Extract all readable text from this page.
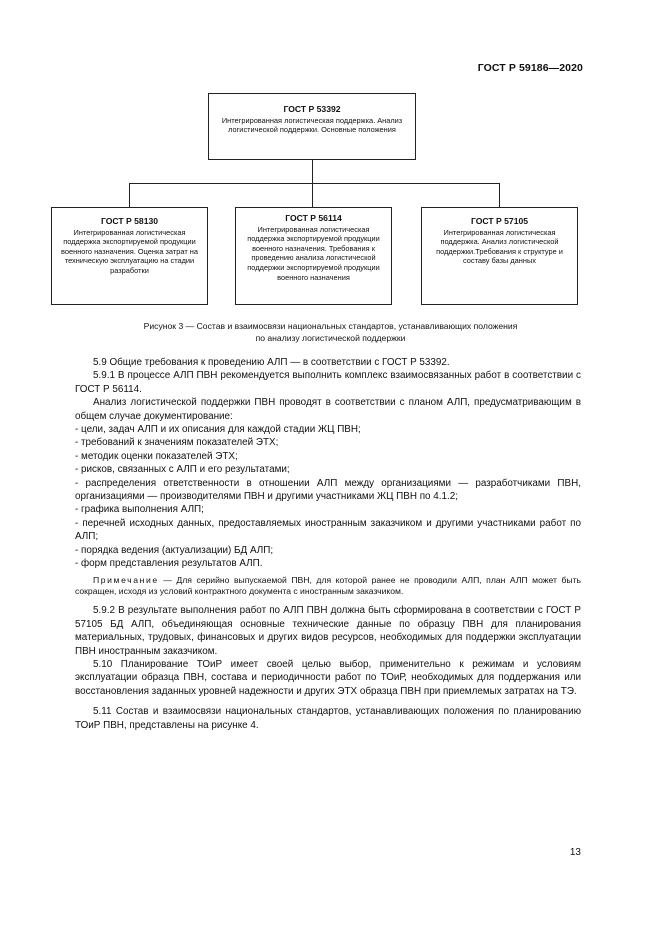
ГОСТ Р 59186—2020
ГОСТ Р 53392
Интегрированная логистическая поддержка. Анализ логистической поддержки. Основные положения
ГОСТ Р 58130
Интегрированная логистическая поддержка экспортируемой продукции военного назначения. Оценка затрат на техническую эксплуатацию на стадии разработки
ГОСТ Р 56114
Интегрированная логистическая поддержка экспортируемой продукции военного назначения. Требования к проведению анализа логистической поддержки экспортируемой продукции военного назначения
ГОСТ Р 57105
Интегрированная логистическая поддержка. Анализ логистической поддержки.Требования к структуре и составу базы данных
Рисунок 3 — Состав и взаимосвязи национальных стандартов, устанавливающих положения
по анализу логистической поддержки

5.9 Общие требования к проведению АЛП — в соответствии с ГОСТ Р 53392.

5.9.1 В процессе АЛП ПВН рекомендуется выполнить комплекс взаимосвязанных работ в соответствии с ГОСТ Р 56114.

Анализ логистической поддержки ПВН проводят в соответствии с планом АЛП, предусматривающим в общем случае документирование:

- цели, задач АЛП и их описания для каждой стадии ЖЦ ПВН;

- требований к значениям показателей ЭТХ;

- методик оценки показателей ЭТХ;

- рисков, связанных с АЛП и его результатами;

- распределения ответственности в отношении АЛП между организациями — разработчиками ПВН, организациями — производителями ПВН и другими участниками ЖЦ ПВН по 4.1.2;

- графика выполнения АЛП;

- перечней исходных данных, предоставляемых иностранным заказчиком и другими участниками работ по АЛП;

- порядка ведения (актуализации) БД АЛП;

- форм представления результатов АЛП.

Примечание — Для серийно выпускаемой ПВН, для которой ранее не проводили АЛП, план АЛП может быть сокращен, исходя из условий контрактного документа с иностранным заказчиком.

5.9.2 В результате выполнения работ по АЛП ПВН должна быть сформирована в соответствии с ГОСТ Р 57105 БД АЛП, объединяющая основные технические данные по образцу ПВН для планирования материальных, трудовых, финансовых и других видов ресурсов, необходимых для поддержки эксплуатации ПВН иностранным заказчиком.

5.10 Планирование ТОиР имеет своей целью выбор, применительно к режимам и условиям эксплуатации образца ПВН, состава и периодичности работ по ТОиР, необходимых для поддержания или восстановления заданных уровней надежности и других ЭТХ образца ПВН при приемлемых затратах на ТЭ.

5.11 Состав и взаимосвязи национальных стандартов, устанавливающих положения по планированию ТОиР ПВН, представлены на рисунке 4.

13
